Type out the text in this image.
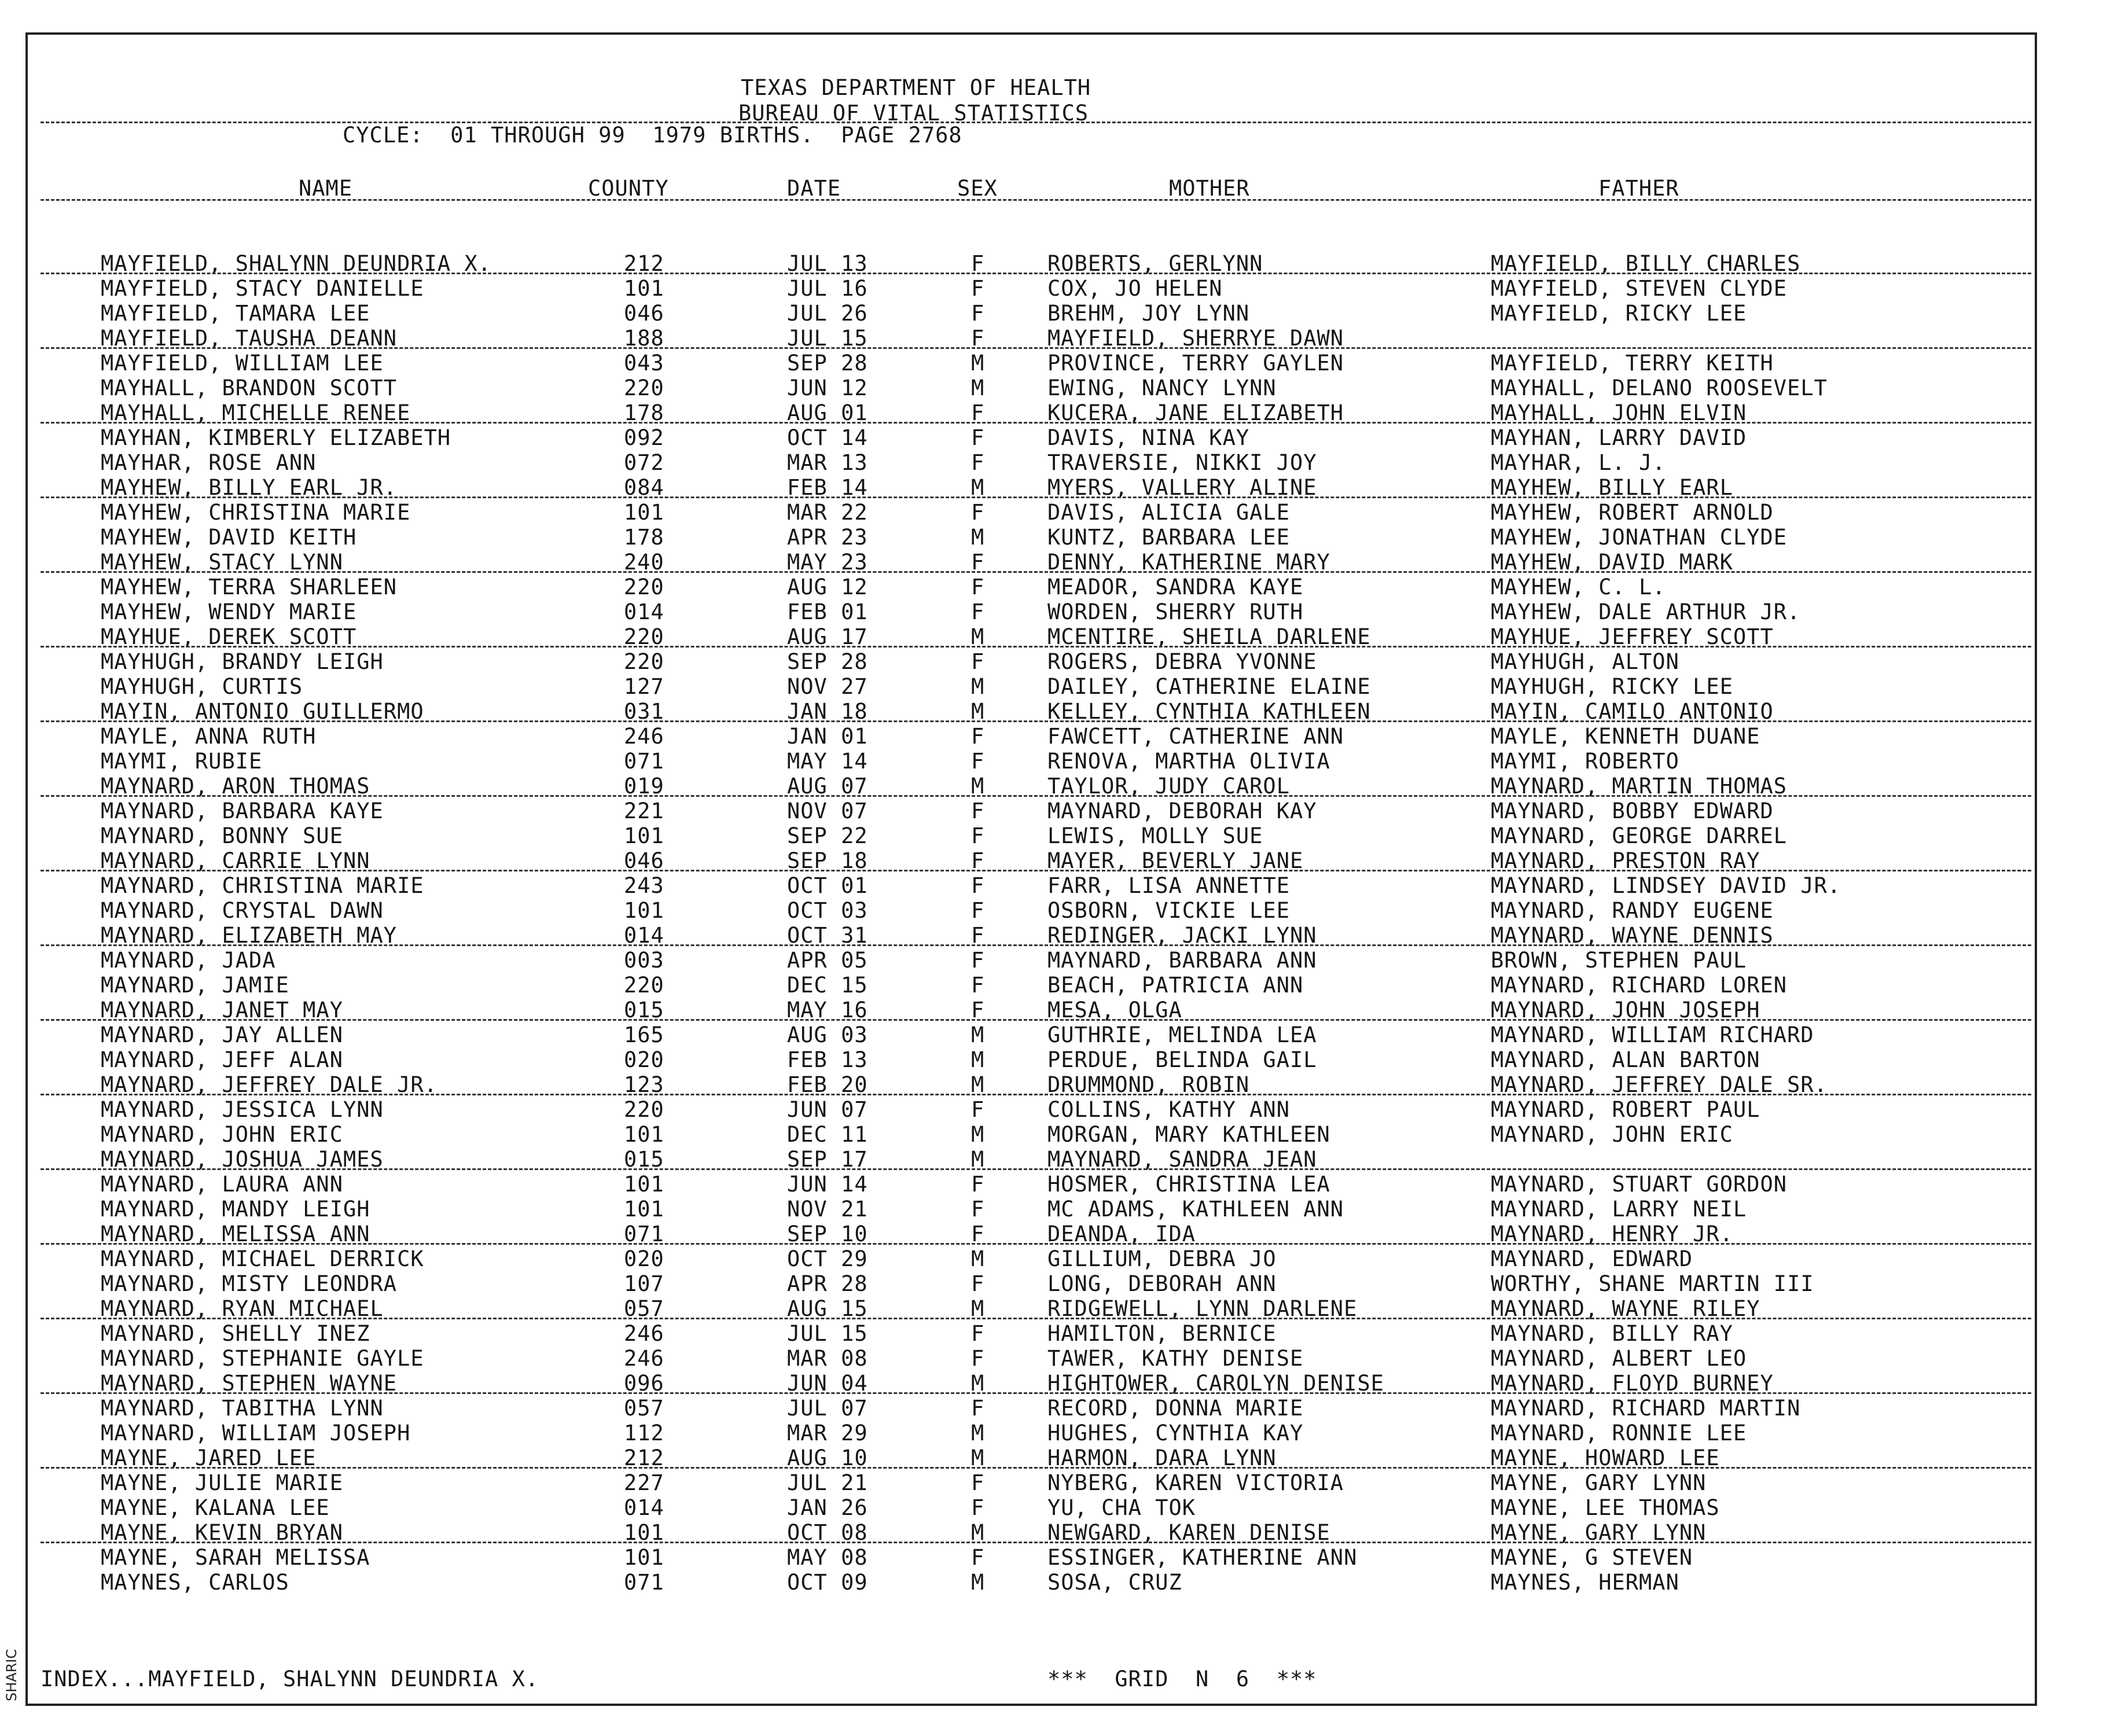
TEXAS DEPARTMENT OF HEALTH
BUREAU OF VITAL STATISTICS
CYCLE:  01 THROUGH 99  1979 BIRTHS.  PAGE 2768
NAME	COUNTY	DATE	SEX	MOTHER	FATHER
MAYFIELD, SHALYNN DEUNDRIA X.	212	JUL 13	F	ROBERTS, GERLYNN	MAYFIELD, BILLY CHARLES
MAYFIELD, STACY DANIELLE	101	JUL 16	F	COX, JO HELEN	MAYFIELD, STEVEN CLYDE
MAYFIELD, TAMARA LEE	046	JUL 26	F	BREHM, JOY LYNN	MAYFIELD, RICKY LEE
MAYFIELD, TAUSHA DEANN	188	JUL 15	F	MAYFIELD, SHERRYE DAWN
MAYFIELD, WILLIAM LEE	043	SEP 28	M	PROVINCE, TERRY GAYLEN	MAYFIELD, TERRY KEITH
MAYHALL, BRANDON SCOTT	220	JUN 12	M	EWING, NANCY LYNN	MAYHALL, DELANO ROOSEVELT
MAYHALL, MICHELLE RENEE	178	AUG 01	F	KUCERA, JANE ELIZABETH	MAYHALL, JOHN ELVIN
MAYHAN, KIMBERLY ELIZABETH	092	OCT 14	F	DAVIS, NINA KAY	MAYHAN, LARRY DAVID
MAYHAR, ROSE ANN	072	MAR 13	F	TRAVERSIE, NIKKI JOY	MAYHAR, L. J.
MAYHEW, BILLY EARL JR.	084	FEB 14	M	MYERS, VALLERY ALINE	MAYHEW, BILLY EARL
MAYHEW, CHRISTINA MARIE	101	MAR 22	F	DAVIS, ALICIA GALE	MAYHEW, ROBERT ARNOLD
MAYHEW, DAVID KEITH	178	APR 23	M	KUNTZ, BARBARA LEE	MAYHEW, JONATHAN CLYDE
MAYHEW, STACY LYNN	240	MAY 23	F	DENNY, KATHERINE MARY	MAYHEW, DAVID MARK
MAYHEW, TERRA SHARLEEN	220	AUG 12	F	MEADOR, SANDRA KAYE	MAYHEW, C. L.
MAYHEW, WENDY MARIE	014	FEB 01	F	WORDEN, SHERRY RUTH	MAYHEW, DALE ARTHUR JR.
MAYHUE, DEREK SCOTT	220	AUG 17	M	MCENTIRE, SHEILA DARLENE	MAYHUE, JEFFREY SCOTT
MAYHUGH, BRANDY LEIGH	220	SEP 28	F	ROGERS, DEBRA YVONNE	MAYHUGH, ALTON
MAYHUGH, CURTIS	127	NOV 27	M	DAILEY, CATHERINE ELAINE	MAYHUGH, RICKY LEE
MAYIN, ANTONIO GUILLERMO	031	JAN 18	M	KELLEY, CYNTHIA KATHLEEN	MAYIN, CAMILO ANTONIO
MAYLE, ANNA RUTH	246	JAN 01	F	FAWCETT, CATHERINE ANN	MAYLE, KENNETH DUANE
MAYMI, RUBIE	071	MAY 14	F	RENOVA, MARTHA OLIVIA	MAYMI, ROBERTO
MAYNARD, ARON THOMAS	019	AUG 07	M	TAYLOR, JUDY CAROL	MAYNARD, MARTIN THOMAS
MAYNARD, BARBARA KAYE	221	NOV 07	F	MAYNARD, DEBORAH KAY	MAYNARD, BOBBY EDWARD
MAYNARD, BONNY SUE	101	SEP 22	F	LEWIS, MOLLY SUE	MAYNARD, GEORGE DARREL
MAYNARD, CARRIE LYNN	046	SEP 18	F	MAYER, BEVERLY JANE	MAYNARD, PRESTON RAY
MAYNARD, CHRISTINA MARIE	243	OCT 01	F	FARR, LISA ANNETTE	MAYNARD, LINDSEY DAVID JR.
MAYNARD, CRYSTAL DAWN	101	OCT 03	F	OSBORN, VICKIE LEE	MAYNARD, RANDY EUGENE
MAYNARD, ELIZABETH MAY	014	OCT 31	F	REDINGER, JACKI LYNN	MAYNARD, WAYNE DENNIS
MAYNARD, JADA	003	APR 05	F	MAYNARD, BARBARA ANN	BROWN, STEPHEN PAUL
MAYNARD, JAMIE	220	DEC 15	F	BEACH, PATRICIA ANN	MAYNARD, RICHARD LOREN
MAYNARD, JANET MAY	015	MAY 16	F	MESA, OLGA	MAYNARD, JOHN JOSEPH
MAYNARD, JAY ALLEN	165	AUG 03	M	GUTHRIE, MELINDA LEA	MAYNARD, WILLIAM RICHARD
MAYNARD, JEFF ALAN	020	FEB 13	M	PERDUE, BELINDA GAIL	MAYNARD, ALAN BARTON
MAYNARD, JEFFREY DALE JR.	123	FEB 20	M	DRUMMOND, ROBIN	MAYNARD, JEFFREY DALE SR.
MAYNARD, JESSICA LYNN	220	JUN 07	F	COLLINS, KATHY ANN	MAYNARD, ROBERT PAUL
MAYNARD, JOHN ERIC	101	DEC 11	M	MORGAN, MARY KATHLEEN	MAYNARD, JOHN ERIC
MAYNARD, JOSHUA JAMES	015	SEP 17	M	MAYNARD, SANDRA JEAN
MAYNARD, LAURA ANN	101	JUN 14	F	HOSMER, CHRISTINA LEA	MAYNARD, STUART GORDON
MAYNARD, MANDY LEIGH	101	NOV 21	F	MC ADAMS, KATHLEEN ANN	MAYNARD, LARRY NEIL
MAYNARD, MELISSA ANN	071	SEP 10	F	DEANDA, IDA	MAYNARD, HENRY JR.
MAYNARD, MICHAEL DERRICK	020	OCT 29	M	GILLIUM, DEBRA JO	MAYNARD, EDWARD
MAYNARD, MISTY LEONDRA	107	APR 28	F	LONG, DEBORAH ANN	WORTHY, SHANE MARTIN III
MAYNARD, RYAN MICHAEL	057	AUG 15	M	RIDGEWELL, LYNN DARLENE	MAYNARD, WAYNE RILEY
MAYNARD, SHELLY INEZ	246	JUL 15	F	HAMILTON, BERNICE	MAYNARD, BILLY RAY
MAYNARD, STEPHANIE GAYLE	246	MAR 08	F	TAWER, KATHY DENISE	MAYNARD, ALBERT LEO
MAYNARD, STEPHEN WAYNE	096	JUN 04	M	HIGHTOWER, CAROLYN DENISE	MAYNARD, FLOYD BURNEY
MAYNARD, TABITHA LYNN	057	JUL 07	F	RECORD, DONNA MARIE	MAYNARD, RICHARD MARTIN
MAYNARD, WILLIAM JOSEPH	112	MAR 29	M	HUGHES, CYNTHIA KAY	MAYNARD, RONNIE LEE
MAYNE, JARED LEE	212	AUG 10	M	HARMON, DARA LYNN	MAYNE, HOWARD LEE
MAYNE, JULIE MARIE	227	JUL 21	F	NYBERG, KAREN VICTORIA	MAYNE, GARY LYNN
MAYNE, KALANA LEE	014	JAN 26	F	YU, CHA TOK	MAYNE, LEE THOMAS
MAYNE, KEVIN BRYAN	101	OCT 08	M	NEWGARD, KAREN DENISE	MAYNE, GARY LYNN
MAYNE, SARAH MELISSA	101	MAY 08	F	ESSINGER, KATHERINE ANN	MAYNE, G STEVEN
MAYNES, CARLOS	071	OCT 09	M	SOSA, CRUZ	MAYNES, HERMAN
INDEX...MAYFIELD, SHALYNN DEUNDRIA X.	***  GRID  N  6  ***
SHARIC
